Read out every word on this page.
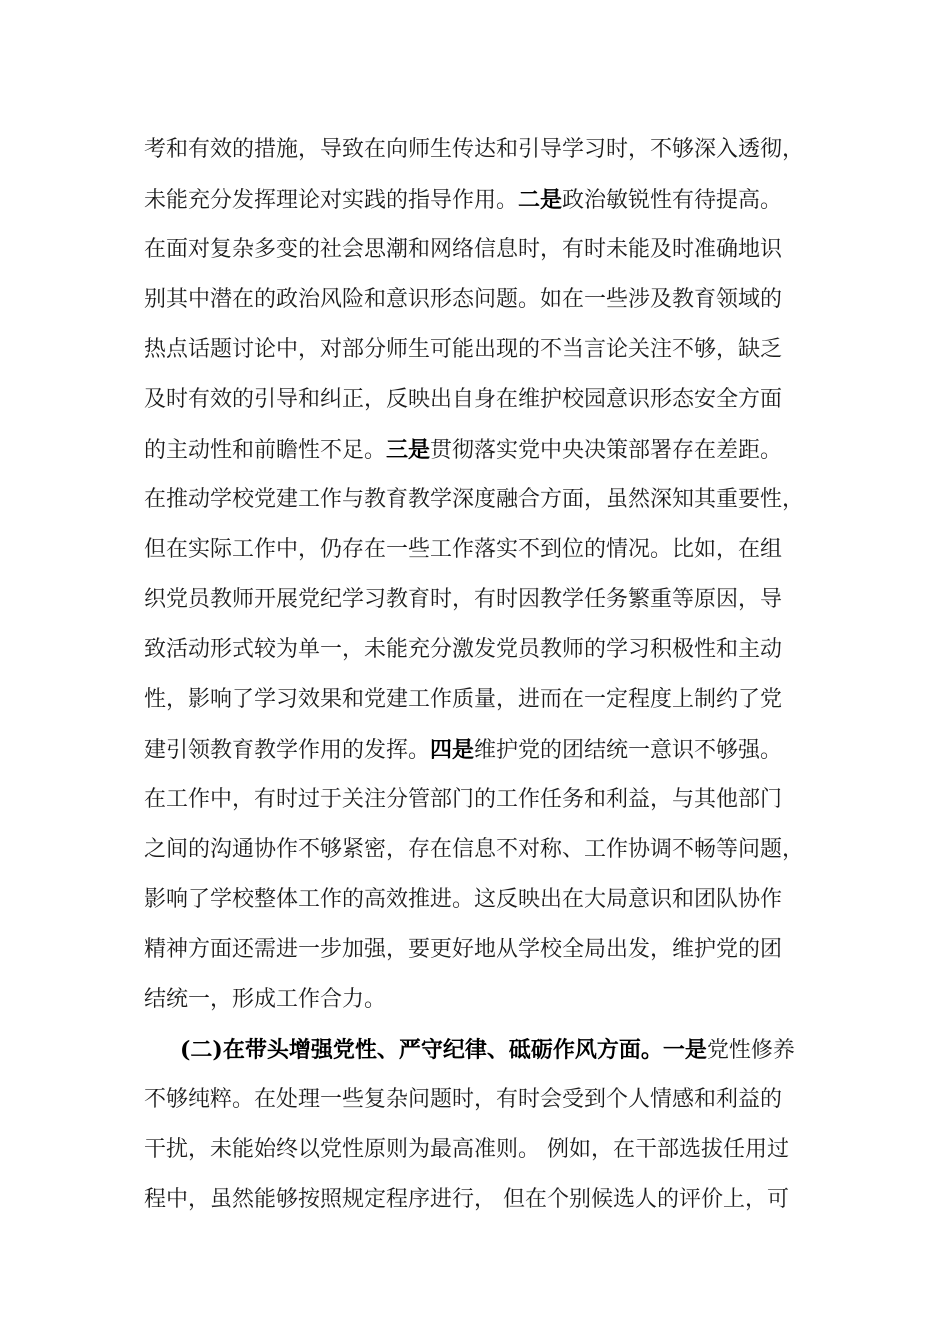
考和有效的措施，导致在向师生传达和引导学习时，不够深入透彻，
未能充分发挥理论对实践的指导作用。二是政治敏锐性有待提高。
在面对复杂多变的社会思潮和网络信息时，有时未能及时准确地识
别其中潜在的政治风险和意识形态问题。如在一些涉及教育领域的
热点话题讨论中，对部分师生可能出现的不当言论关注不够，缺乏
及时有效的引导和纠正，反映出自身在维护校园意识形态安全方面
的主动性和前瞻性不足。三是贯彻落实党中央决策部署存在差距。
在推动学校党建工作与教育教学深度融合方面，虽然深知其重要性，
但在实际工作中，仍存在一些工作落实不到位的情况。比如，在组
织党员教师开展党纪学习教育时，有时因教学任务繁重等原因，导
致活动形式较为单一，未能充分激发党员教师的学习积极性和主动
性，影响了学习效果和党建工作质量，进而在一定程度上制约了党
建引领教育教学作用的发挥。四是维护党的团结统一意识不够强。
在工作中，有时过于关注分管部门的工作任务和利益，与其他部门
之间的沟通协作不够紧密，存在信息不对称、工作协调不畅等问题，
影响了学校整体工作的高效推进。这反映出在大局意识和团队协作
精神方面还需进一步加强，要更好地从学校全局出发，维护党的团
结统一，形成工作合力。
(二)在带头增强党性、严守纪律、砥砺作风方面。一是党性修养
不够纯粹。在处理一些复杂问题时，有时会受到个人情感和利益的
干扰，未能始终以党性原则为最高准则。 例如，在干部选拔任用过
程中，虽然能够按照规定程序进行， 但在个别候选人的评价上，可
